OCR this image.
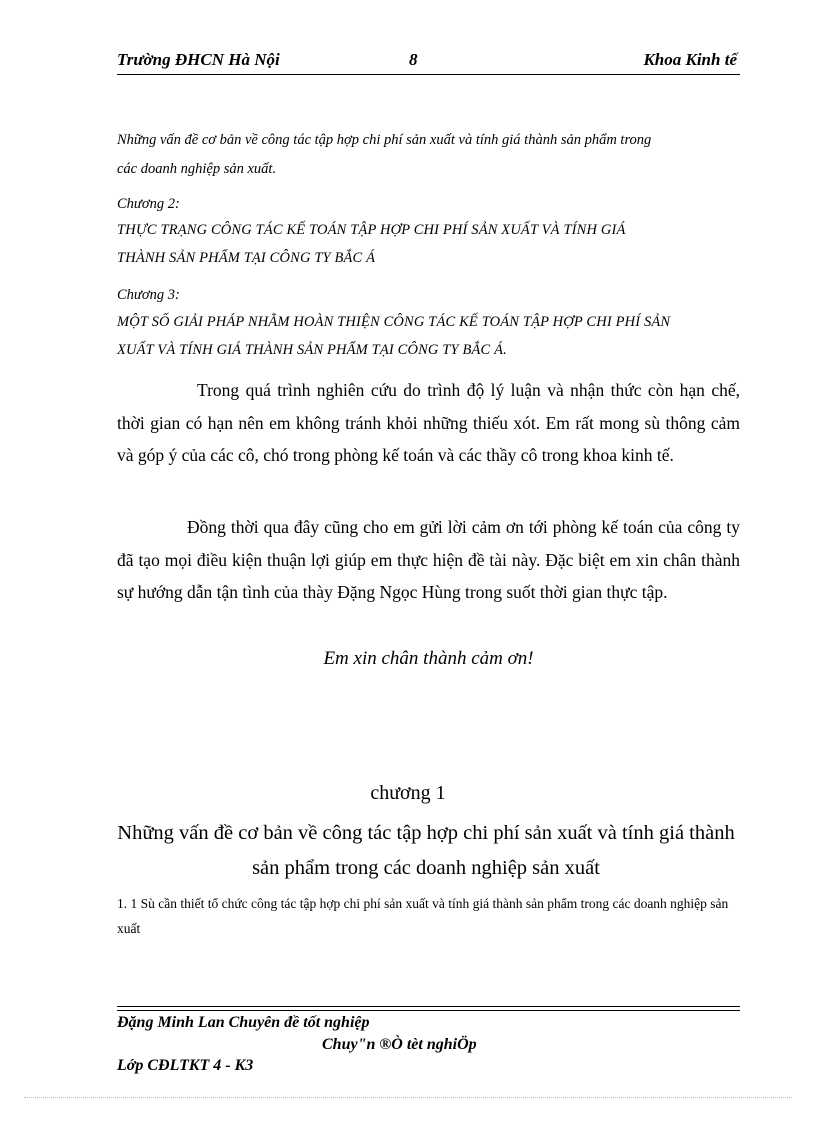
Trường ĐHCN Hà Nội	8	Khoa Kinh tế
Những vấn đề cơ bản về công tác tập hợp chi phí sản xuất và tính giá thành sản phẩm trong
các doanh nghiệp sản xuất.
Chương 2:
THỰC TRẠNG CÔNG TÁC KẾ TOÁN TẬP HỢP CHI PHÍ SẢN XUẤT VÀ TÍNH GIÁ
THÀNH SẢN PHẨM TẠI CÔNG TY BẮC Á
Chương 3:
MỘT SỐ GIẢI PHÁP NHẰM HOÀN THIỆN CÔNG TÁC KẾ TOÁN TẬP HỢP CHI PHÍ SẢN
XUẤT VÀ TÍNH GIÁ THÀNH SẢN PHẨM TẠI CÔNG TY BẮC Á.
Trong quá trình nghiên cứu do trình độ lý luận và nhận thức còn hạn chế, thời gian có hạn nên em không tránh khỏi những thiếu xót. Em rất mong sù thông cảm và góp ý của các cô, chó trong phòng kế toán và các thầy cô trong khoa kinh tế.
Đồng thời qua đây cũng cho em gửi lời cảm ơn tới phòng kế toán của công ty đã tạo mọi điều kiện thuận lợi giúp em thực hiện đề tài này. Đặc biệt em xin chân thành sự hướng dẫn tận tình của thày Đặng Ngọc Hùng trong suốt thời gian thực tập.
Em xin chân thành cảm ơn!
chương 1
Những vấn đề cơ bản về công tác tập hợp chi phí sản xuất và tính giá thành sản phẩm trong các doanh nghiệp sản xuất
1. 1 Sù cần thiết tổ chức công tác tập hợp chi phí sản xuất và tính giá thành sản phẩm trong các doanh nghiệp sản xuất
Đặng Minh Lan Chuyên đề tốt nghiệp
Chuy"n ®Ò tèt nghiÖp
Lớp CĐLTKT 4 - K3
